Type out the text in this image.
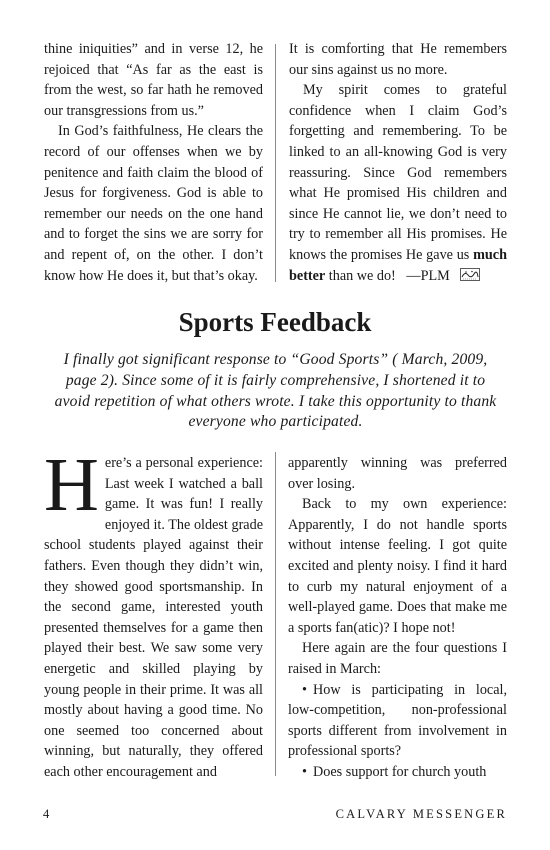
thine iniquities” and in verse 12, he rejoiced that “As far as the east is from the west, so far hath he removed our transgressions from us.”

In God’s faithfulness, He clears the record of our offenses when we by penitence and faith claim the blood of Jesus for forgiveness. God is able to remember our needs on the one hand and to forget the sins we are sorry for and repent of, on the other. I don’t know how He does it, but that’s okay.

It is comforting that He remembers our sins against us no more.

My spirit comes to grateful confidence when I claim God’s forgetting and remembering. To be linked to an all-knowing God is very reassuring. Since God remembers what He promised His children and since He cannot lie, we don’t need to try to remember all His promises. He knows the promises He gave us much better than we do! —PLM

Sports Feedback
I finally got significant response to “Good Sports” ( March, 2009, page 2). Since some of it is fairly comprehensive, I shortened it to avoid repetition of what others wrote. I take this opportunity to thank everyone who participated.

Here’s a personal experience: Last week I watched a ball game. It was fun! I really enjoyed it. The oldest grade school students played against their fathers. Even though they didn’t win, they showed good sportsmanship. In the second game, interested youth presented themselves for a game then played their best. We saw some very energetic and skilled playing by young people in their prime. It was all mostly about having a good time. No one seemed too concerned about winning, but naturally, they offered each other encouragement and

apparently winning was preferred over losing.

Back to my own experience: Apparently, I do not handle sports without intense feeling. I got quite excited and plenty noisy. I find it hard to curb my natural enjoyment of a well-played game. Does that make me a sports fan(atic)? I hope not!

Here again are the four questions I raised in March:

• How is participating in local, low-competition, non-professional sports different from involvement in professional sports?

• Does support for church youth

4	CALVARY MESSENGER
